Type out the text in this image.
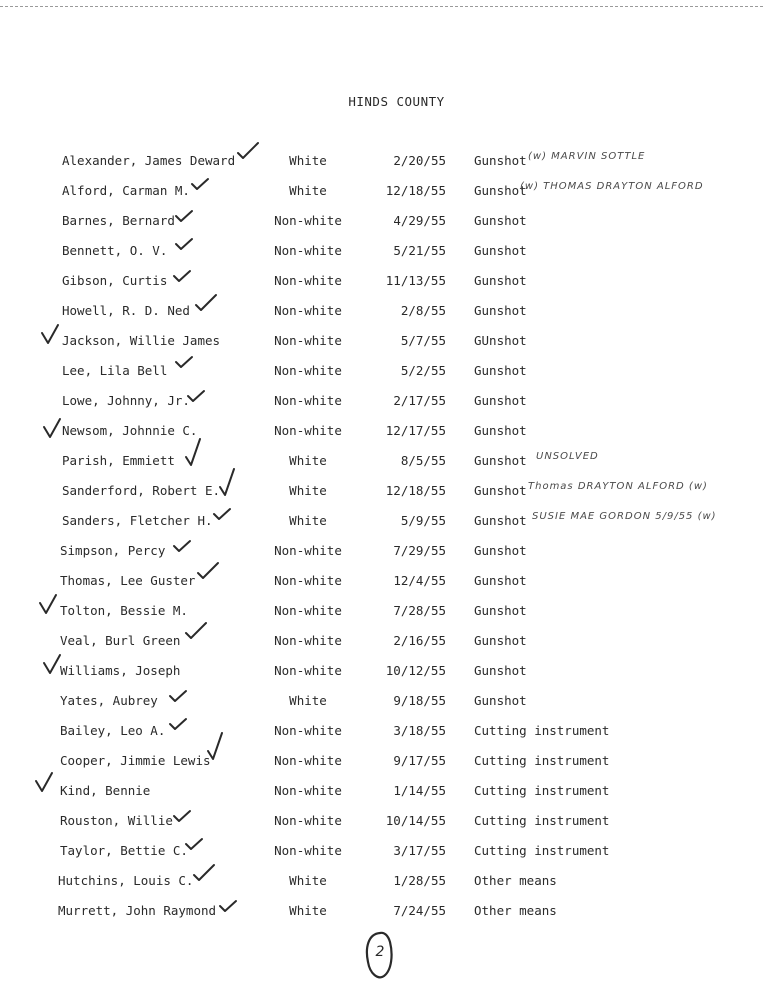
HINDS COUNTY
Alexander, James Deward	White	2/20/55 Gunshot (w) MARVIN SOTTLE
Alford, Carman M.	White	12/18/55 Gunshot
(w) THOMAS DRAYTON ALFORD
Barnes, Bernard	Non-white	4/29/55 Gunshot
Bennett, O. V.	Non-white	5/21/55 Gunshot
Gibson, Curtis	Non-white	11/13/55 Gunshot
Howell, R. D. Ned	Non-white	2/8/55 Gunshot
Jackson, Willie James	Non-white	5/7/55 GUnshot
Lee, Lila Bell	Non-white	5/2/55 Gunshot
Lowe, Johnny, Jr.	Non-white	2/17/55 Gunshot
Newsom, Johnnie C.	Non-white	12/17/55 Gunshot
Parish, Emmiett	White	8/5/55 Gunshot UNSOLVED
Sanderford, Robert E.	White	12/18/55 Gunshot Thomas DRAYTON ALFORD (w)
Sanders, Fletcher H.	White	5/9/55 Gunshot SUSIE MAE GORDON 5/9/55 (w)
Simpson, Percy	Non-white	7/29/55 Gunshot
Thomas, Lee Guster	Non-white	12/4/55 Gunshot
Tolton, Bessie M.	Non-white	7/28/55 Gunshot
Veal, Burl Green	Non-white	2/16/55 Gunshot
Williams, Joseph	Non-white	10/12/55 Gunshot
Yates, Aubrey	White	9/18/55 Gunshot
Bailey, Leo A.	Non-white	3/18/55 Cutting instrument
Cooper, Jimmie Lewis	Non-white	9/17/55 Cutting instrument
Kind, Bennie	Non-white	1/14/55 Cutting instrument
Rouston, Willie	Non-white	10/14/55 Cutting instrument
Taylor, Bettie C.	Non-white	3/17/55 Cutting instrument
Hutchins, Louis C.	White	1/28/55 Other means
Murrett, John Raymond	White	7/24/55 Other means
2
